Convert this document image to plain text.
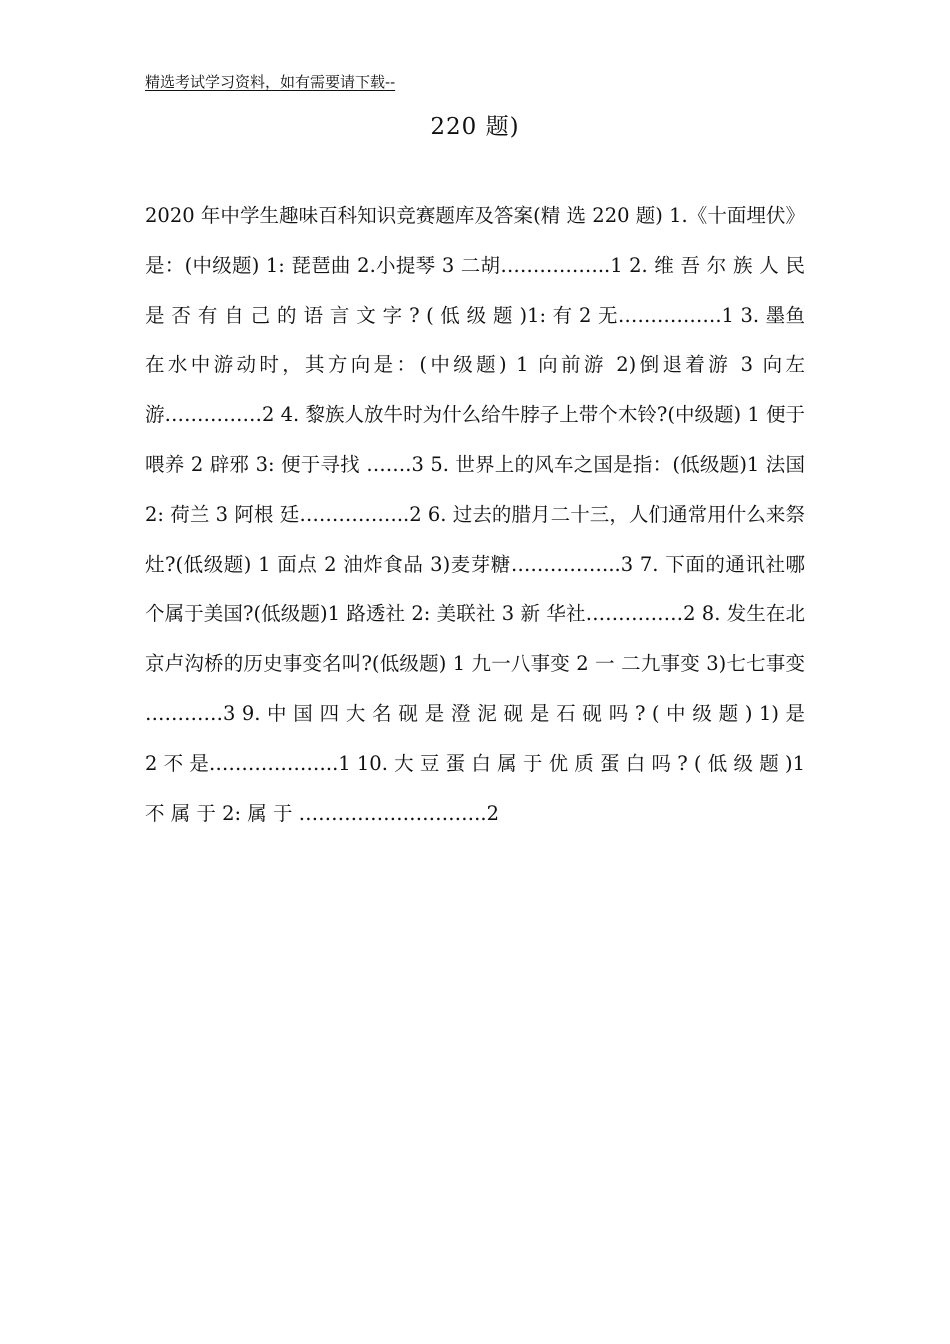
精选考试学习资料，如有需要请下载--
220 题)

2020 年中学生趣味百科知识竞赛题库及答案(精 选 220 题) 1.《十面埋伏》是：(中级题) 1: 琵琶曲 2.小提琴 3 二胡……………..1 2. 维 吾 尔 族 人 民 是 否 有 自 己 的 语 言 文 字 ? ( 低 级 题 )1: 有 2 无…………….1 3. 墨鱼在水中游动时，其方向是：(中级题) 1 向前游 2)倒退着游 3 向左游……………2 4. 黎族人放牛时为什么给牛脖子上带个木铃?(中级题) 1 便于喂养 2 辟邪 3: 便于寻找 …….3 5. 世界上的风车之国是指：(低级题)1 法国 2: 荷兰 3 阿根 廷……………..2 6. 过去的腊月二十三，人们通常用什么来祭灶?(低级题) 1 面点 2 油炸食品 3)麦芽糖……………..3 7. 下面的通讯社哪个属于美国?(低级题)1 路透社 2: 美联社 3 新 华社……………2 8. 发生在北京卢沟桥的历史事变名叫?(低级题) 1 九一八事变 2 一 二九事变 3)七七事变 …………3 9. 中 国 四 大 名 砚 是 澄 泥 砚 是 石 砚 吗 ? ( 中 级 题 ) 1) 是 2 不 是………………..1 10. 大 豆 蛋 白 属 于 优 质 蛋 白 吗 ? ( 低 级 题 )1 不 属 于 2: 属 于 ………………………..2
